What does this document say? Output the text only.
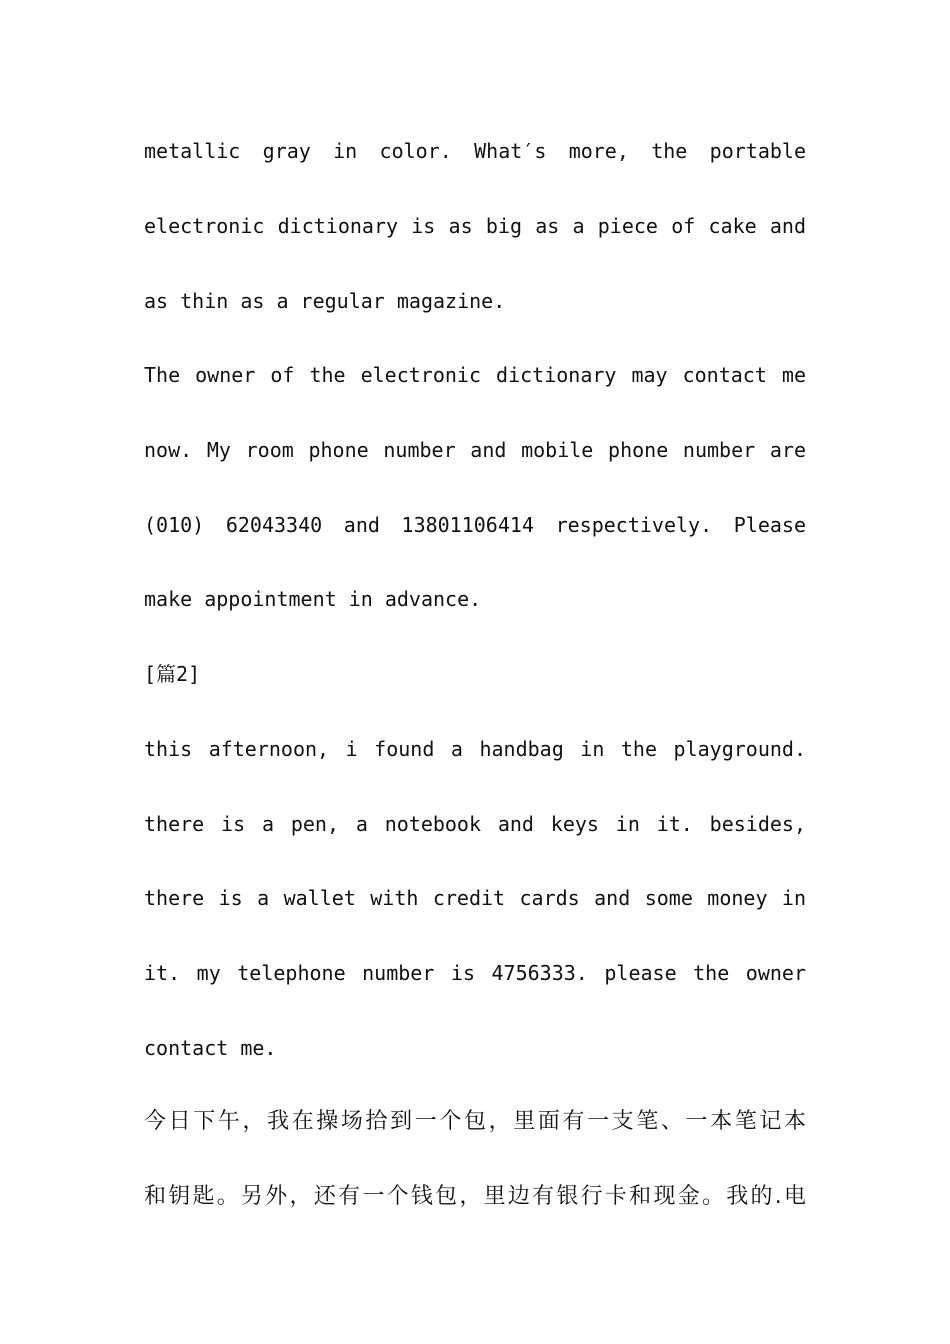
metallic gray in color. What′s more, the portable
electronic dictionary is as big as a piece of cake and
as thin as a regular magazine.
The owner of the electronic dictionary may contact me
now. My room phone number and mobile phone number are
(010) 62043340 and 13801106414 respectively. Please
make appointment in advance.
[篇2]
this afternoon, i found a handbag in the playground.
there is a pen, a notebook and keys in it. besides,
there is a wallet with credit cards and some money in
it. my telephone number is 4756333. please the owner
contact me.
今日下午，我在操场拾到一个包，里面有一支笔、一本笔记本
和钥匙。另外，还有一个钱包，里边有银行卡和现金。我的.电
